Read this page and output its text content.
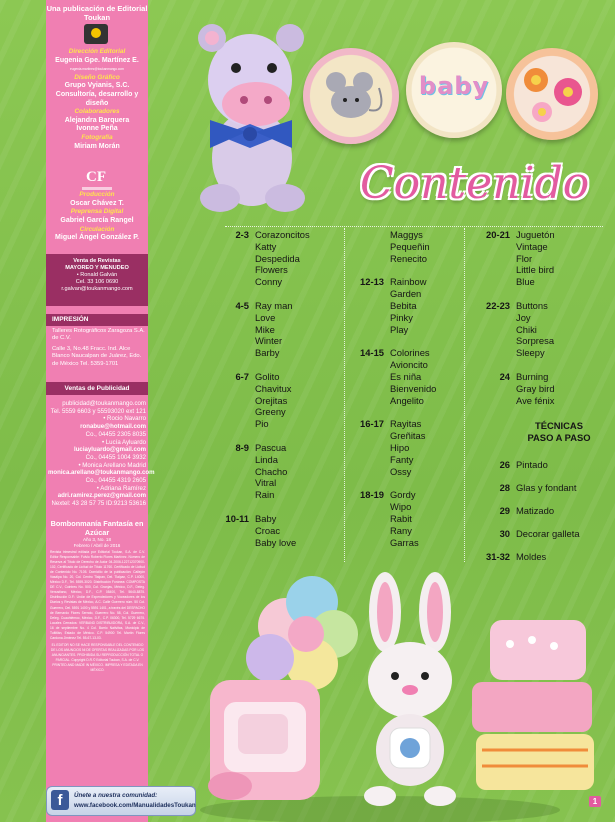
Una publicación de Editorial Toukan
Dirección Editorial
Eugenia Gpe. Martínez E.
eugenia.martinez@toukanmango.com
Diseño Gráfico
Grupo Vyianis, S.C.
Consultoría, desarrollo y diseño
Colaboradores
Alejandra Barquera
Ivonne Peña
Fotografía
Miriam Morán
Producción
Oscar Chávez T.
Preprensa Digital
Gabriel García Rangel
Circulación
Miguel Ángel González P.
CF
Venta de Revistas
MAYOREO Y MENUDEO
• Ronald Galván
Cel. 33 106 0690
r.galvan@toukanmango.com
IMPRESIÓN
Talleres Rotográficos Zaragoza S.A. de C.V.
Calle 3, No.48 Fracc. Ind. Alce Blanco Naucalpan de Juárez, Edo. de México Tel. 5359-1701
Ventas de Publicidad
publicidad@toukanmango.com
Tel. 5559 6603 y 55593020 ext 121
• Rocio Navarro
ronabue@hotmail.com
Co., 04455 2305 8035
• Lucía Ayluardo
luciayluardo@gmail.com
Co., 04455 1004 3932
• Monica Arellano Madrid
monica.arellano@toukanmango.com
Co., 04455 4319 2605
• Adriana Ramírez
adri.ramirez.perez@gmail.com
Nextel: 43 28 57 75 ID:9213 53616
Bombonmanía Fantasía en Azúcar
Año 3, No. 18
Febrero / Abril de 2016
Revista trimestral editada por Editorial Toukan, S.A. de C.V. Editor Responsable: Fulvio Roberto Flores Martínez. Número de Reserva al Título de Derecho de Autor 04-2006-122712370900-102, Certificado de Licitud de Título 11760. Certificado de Licitud de Contenido No. 7105. Domicilio de la publicación: Callejón Vasálpa No. 20, Col. Centro Tlalpan, Del. Tlalpan, C.P. 14000, México D.F., Tel. 5559-3020. Distribución Foránea: COMPOSTA DE C.V., Cointreu No. 500, Col. Granjas, México, D.F., Deleg. Venustiano, México, D.F., C.P. 08400, Tel. 5640-8875. Distribución D.F.: Unión de Expendedores y Voceadores de los Diarios y Revistas de México, A.C. Calle Guerrero núm. 50 Col. Guerrero, Del. 5591 1400 y 5591 1401, a través del DESPACHO de Bernardo Flores Serrato, Guerrero No. 58, Col. Guerrero, Deleg. Cuauhtémoc, México, D.F., C.P. 06300, Tel. 5729 6675. Locales Cerrados: VERBAND DISTRIBUIDORA, S.A. de C.V., 16 de septiembre No. 4 Col. Barrio Nativitas, Municipio de Tultitlán, Estado de México. C.P. 54900 Tel. Martín Flores Cardona Jiménez Tel. 55-67-13-03.
EL EDITOR NO SE HACE RESPONSABLE DEL CONTENIDO DE LOS ANUNCIOS NI DE OFERTAS REALIZADAS POR LOS ANUNCIANTES. PROHIBIDA SU REPRODUCCIÓN TOTAL O PARCIAL. Copyright D.R.© Editorial Toukan, S.A. de C.V. PRINTED AND MADE IN MÉXICO. IMPRESA Y EDITADA EN MÉXICO.
f	Únete a nuestra comunidad:
www.facebook.com/ManualidadesToukan
baby
Contenido
2-3 Corazoncitos
Katty
Despedida
Flowers
Conny
4-5 Ray man
Love
Mike
Winter
Barby
6-7 Golito
Chavitux
Orejitas
Greeny
Pio
8-9 Pascua
Linda
Chacho
Vitral
Rain
10-11 Baby
Croac
Baby love
Maggys
Pequeñin
Renecito
12-13 Rainbow
Garden
Bebita
Pinky
Play
14-15 Colorines
Avioncito
Es niña
Bienvenido
Angelito
16-17 Rayitas
Greñitas
Hipo
Fanty
Ossy
18-19 Gordy
Wipo
Rabit
Rany
Garras
20-21 Juguetón
Vintage
Flor
Little bird
Blue
22-23 Buttons
Joy
Chiki
Sorpresa
Sleepy
24 Burning
Gray bird
Ave fénix
TÉCNICAS
PASO A PASO
26 Pintado
28 Glas y fondant
29 Matizado
30 Decorar galleta
31-32 Moldes
1
